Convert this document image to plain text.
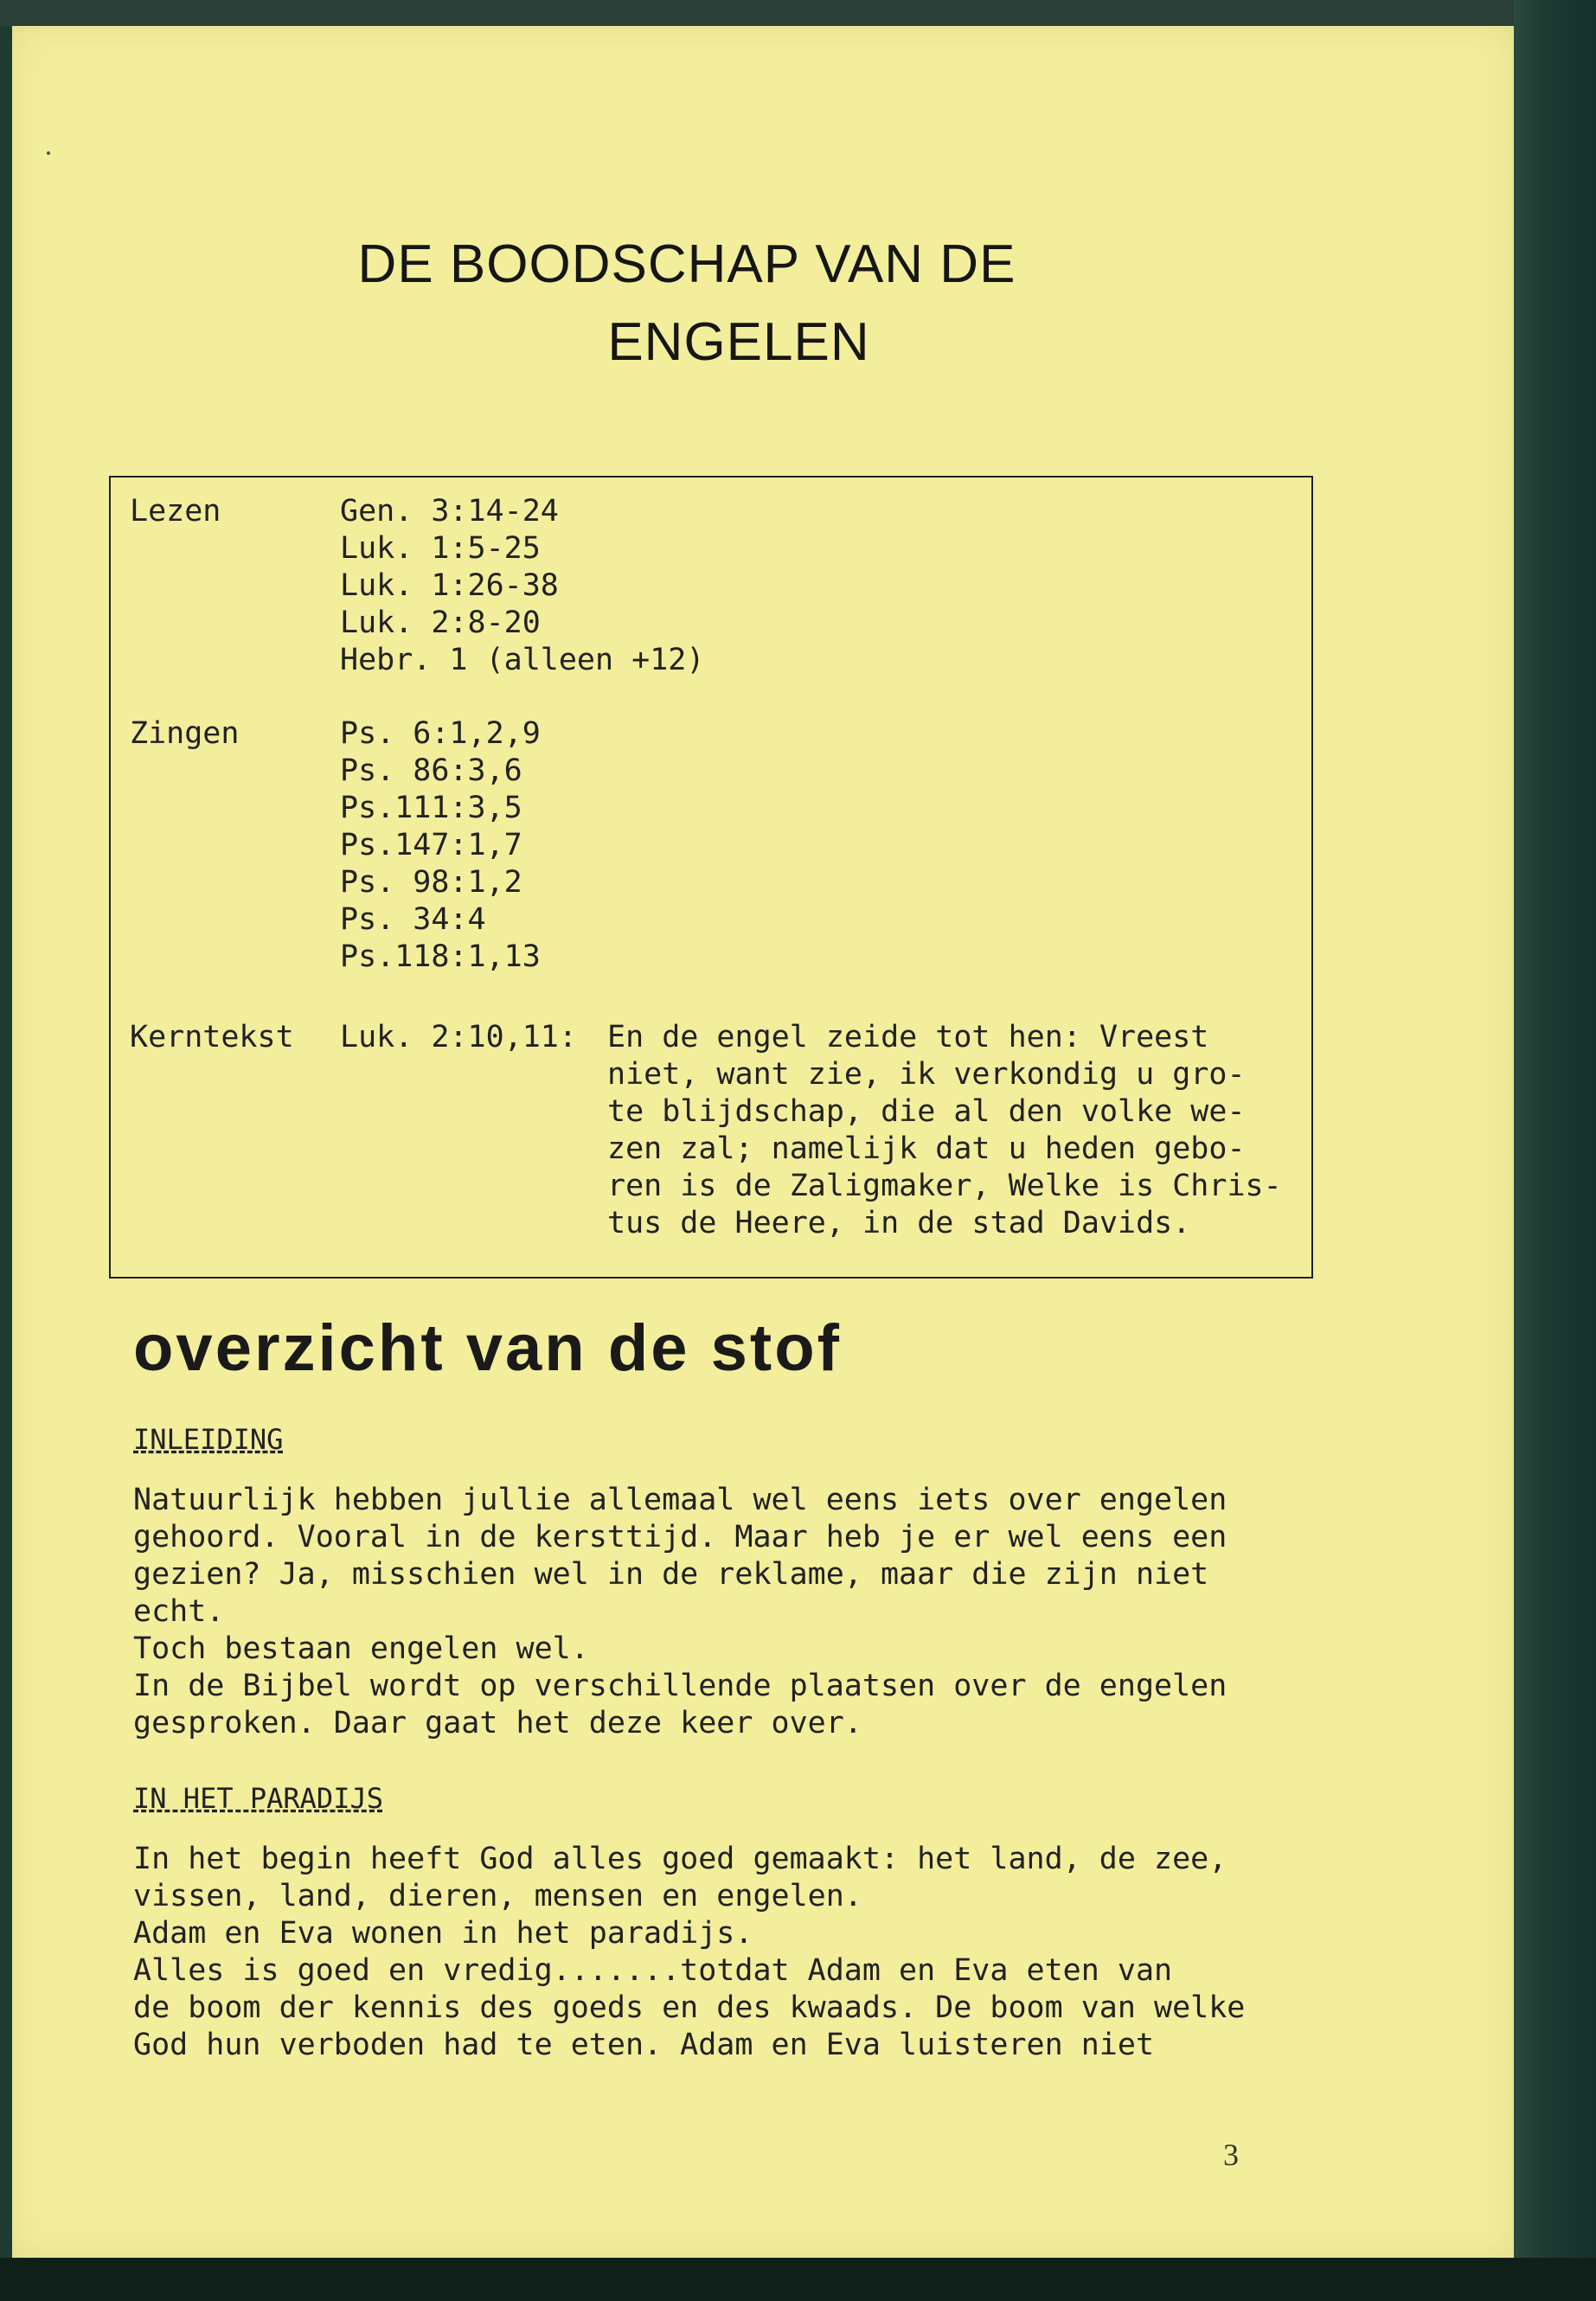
DE BOODSCHAP VAN DE
ENGELEN
Lezen	Gen. 3:14-24
Luk. 1:5-25
Luk. 1:26-38
Luk. 2:8-20
Hebr. 1 (alleen +12)
Zingen	Ps. 6:1,2,9
Ps. 86:3,6
Ps.111:3,5
Ps.147:1,7
Ps. 98:1,2
Ps. 34:4
Ps.118:1,13
Kerntekst Luk. 2:10,11: En de engel zeide tot hen: Vreest
niet, want zie, ik verkondig u gro-
te blijdschap, die al den volke we-
zen zal; namelijk dat u heden gebo-
ren is de Zaligmaker, Welke is Chris-
tus de Heere, in de stad Davids.
overzicht van de stof
INLEIDING

Natuurlijk hebben jullie allemaal wel eens iets over engelen

gehoord. Vooral in de kersttijd. Maar heb je er wel eens een

gezien? Ja, misschien wel in de reklame, maar die zijn niet

echt.

Toch bestaan engelen wel.

In de Bijbel wordt op verschillende plaatsen over de engelen

gesproken. Daar gaat het deze keer over.

IN HET PARADIJS

In het begin heeft God alles goed gemaakt: het land, de zee,

vissen, land, dieren, mensen en engelen.

Adam en Eva wonen in het paradijs.

Alles is goed en vredig.......totdat Adam en Eva eten van

de boom der kennis des goeds en des kwaads. De boom van welke

God hun verboden had te eten. Adam en Eva luisteren niet

3
